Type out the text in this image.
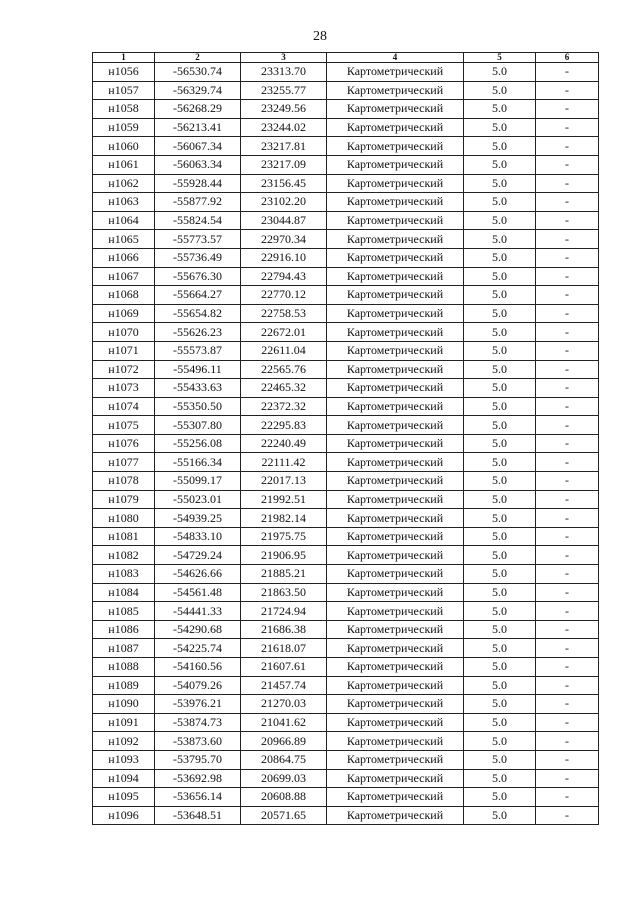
28
1	2	3	4	5	6
н1056	-56530.74	23313.70	Картометрический	5.0	-
н1057	-56329.74	23255.77	Картометрический	5.0	-
н1058	-56268.29	23249.56	Картометрический	5.0	-
н1059	-56213.41	23244.02	Картометрический	5.0	-
н1060	-56067.34	23217.81	Картометрический	5.0	-
н1061	-56063.34	23217.09	Картометрический	5.0	-
н1062	-55928.44	23156.45	Картометрический	5.0	-
н1063	-55877.92	23102.20	Картометрический	5.0	-
н1064	-55824.54	23044.87	Картометрический	5.0	-
н1065	-55773.57	22970.34	Картометрический	5.0	-
н1066	-55736.49	22916.10	Картометрический	5.0	-
н1067	-55676.30	22794.43	Картометрический	5.0	-
н1068	-55664.27	22770.12	Картометрический	5.0	-
н1069	-55654.82	22758.53	Картометрический	5.0	-
н1070	-55626.23	22672.01	Картометрический	5.0	-
н1071	-55573.87	22611.04	Картометрический	5.0	-
н1072	-55496.11	22565.76	Картометрический	5.0	-
н1073	-55433.63	22465.32	Картометрический	5.0	-
н1074	-55350.50	22372.32	Картометрический	5.0	-
н1075	-55307.80	22295.83	Картометрический	5.0	-
н1076	-55256.08	22240.49	Картометрический	5.0	-
н1077	-55166.34	22111.42	Картометрический	5.0	-
н1078	-55099.17	22017.13	Картометрический	5.0	-
н1079	-55023.01	21992.51	Картометрический	5.0	-
н1080	-54939.25	21982.14	Картометрический	5.0	-
н1081	-54833.10	21975.75	Картометрический	5.0	-
н1082	-54729.24	21906.95	Картометрический	5.0	-
н1083	-54626.66	21885.21	Картометрический	5.0	-
н1084	-54561.48	21863.50	Картометрический	5.0	-
н1085	-54441.33	21724.94	Картометрический	5.0	-
н1086	-54290.68	21686.38	Картометрический	5.0	-
н1087	-54225.74	21618.07	Картометрический	5.0	-
н1088	-54160.56	21607.61	Картометрический	5.0	-
н1089	-54079.26	21457.74	Картометрический	5.0	-
н1090	-53976.21	21270.03	Картометрический	5.0	-
н1091	-53874.73	21041.62	Картометрический	5.0	-
н1092	-53873.60	20966.89	Картометрический	5.0	-
н1093	-53795.70	20864.75	Картометрический	5.0	-
н1094	-53692.98	20699.03	Картометрический	5.0	-
н1095	-53656.14	20608.88	Картометрический	5.0	-
н1096	-53648.51	20571.65	Картометрический	5.0	-
